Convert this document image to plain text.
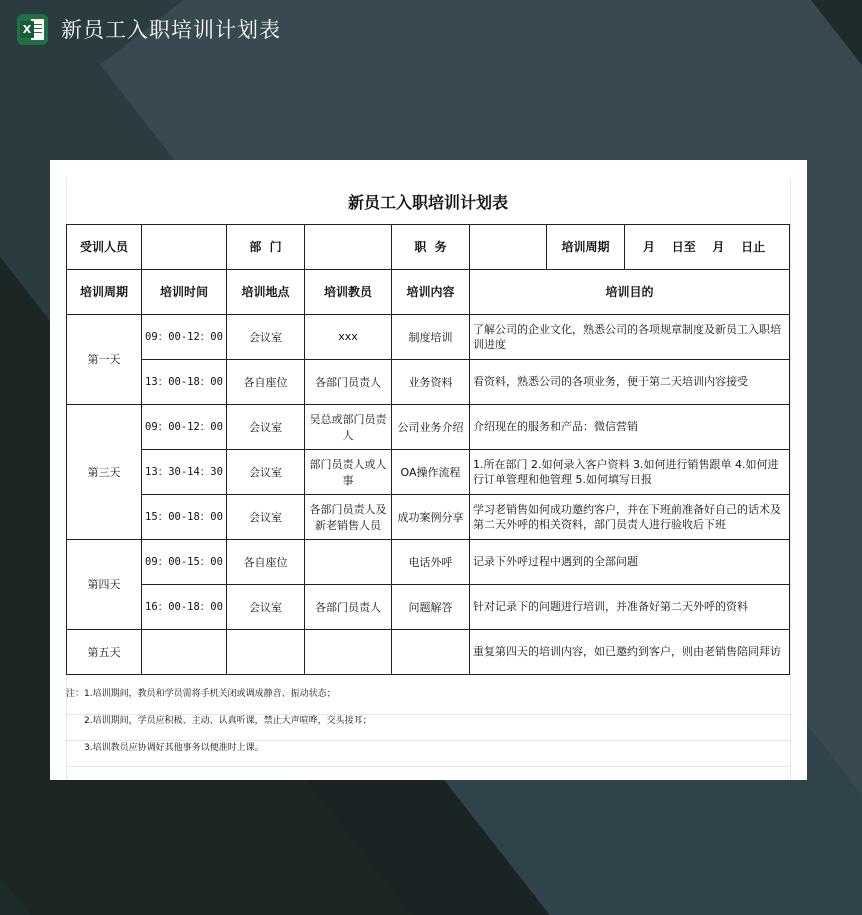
X 新员工入职培训计划表
新员工入职培训计划表							
受训人员		部  门		职  务		培训周期	月    日至    月    日止
培训周期	培训时间	培训地点	培训教员	培训内容	培训目的		
第一天	09：00-12：00	会议室	xxx	制度培训	了解公司的企业文化，熟悉公司的各项规章制度及新员工入职培训进度		
	13：00-18：00	各自座位	各部门员责人	业务资料	看资料，熟悉公司的各项业务，便于第二天培训内容接受		
第三天	09：00-12：00	会议室	吴总或部门员责人	公司业务介绍	介绍现在的服务和产品：微信营销		
	13：30-14：30	会议室	部门员责人或人事	OA操作流程	1.所在部门 2.如何录入客户资料 3.如何进行销售跟单 4.如何进行订单管理和他管理 5.如何填写日报		
	15：00-18：00	会议室	各部门员责人及新老销售人员	成功案例分享	学习老销售如何成功邀约客户，并在下班前准备好自己的话术及第二天外呼的相关资料，部门员责人进行验收后下班		
第四天	09：00-15：00	各自座位		电话外呼	记录下外呼过程中遇到的全部问题		
	16：00-18：00	会议室	各部门员责人	问题解答	针对记录下的问题进行培训，并准备好第二天外呼的资料		
第五天					重复第四天的培训内容，如已邀约到客户，则由老销售陪同拜访		
注：1.培训期间，教员和学员需将手机关闭或调成静音、振动状态；
2.培训期间，学员应积极、主动、认真听课，禁止大声喧哗，交头接耳；
3.培训教员应协调好其他事务以便准时上课。
